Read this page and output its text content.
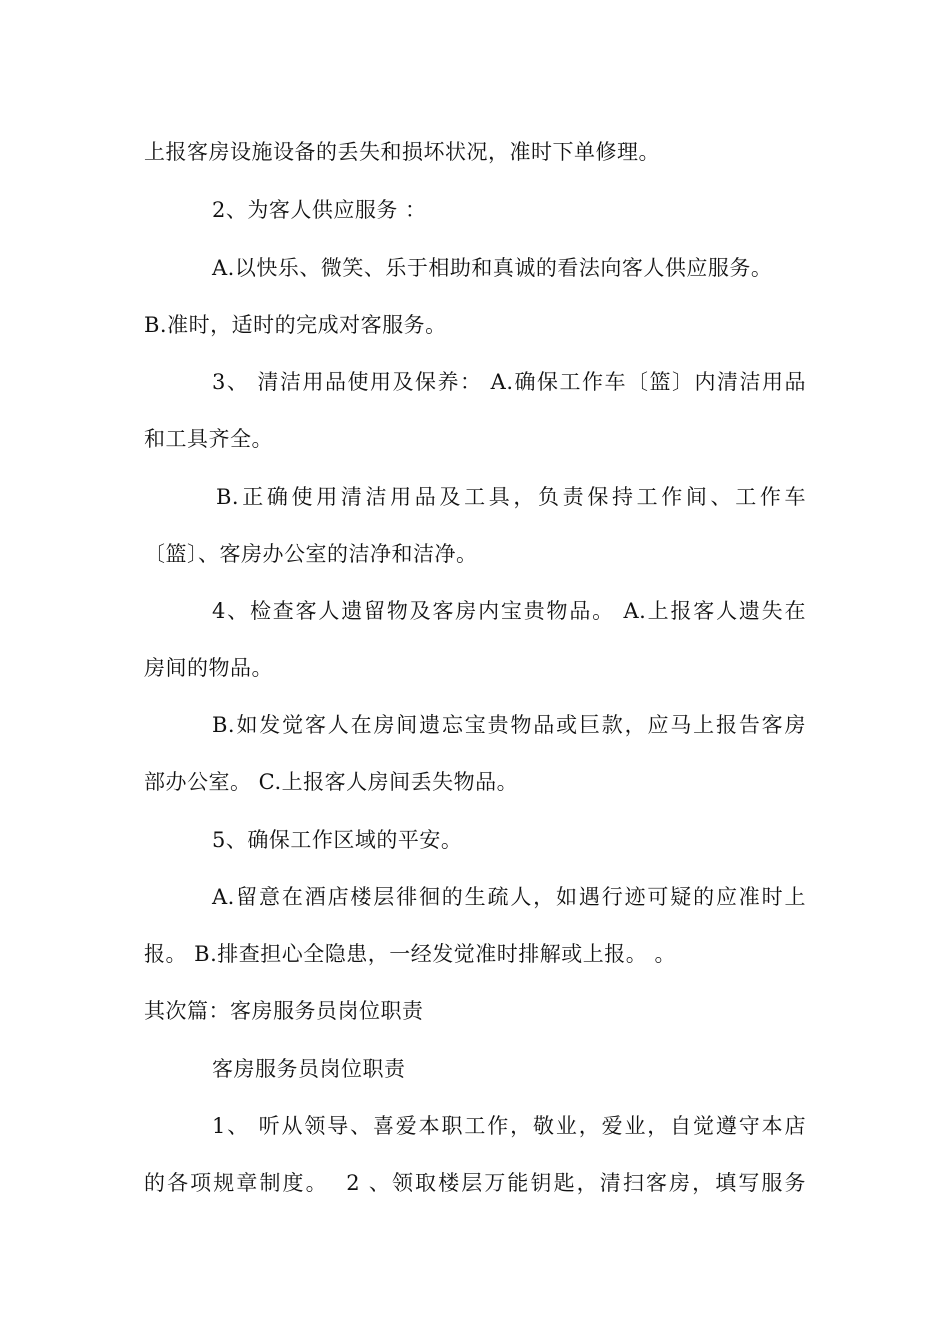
上报客房设施设备的丢失和损坏状况，准时下单修理。
2、为客人供应服务 ：
A.以快乐、微笑、乐于相助和真诚的看法向客人供应服务。
B.准时，适时的完成对客服务。
3、 清洁用品使用及保养： A.确保工作车〔篮〕内清洁用品
和工具齐全。
B.正确使用清洁用品及工具，负责保持工作间、工作车
〔篮〕、客房办公室的洁净和洁净。
4、检查客人遗留物及客房内宝贵物品。 A.上报客人遗失在
房间的物品。
B.如发觉客人在房间遗忘宝贵物品或巨款，应马上报告客房
部办公室。 C.上报客人房间丢失物品。
5、确保工作区域的平安。
A.留意在酒店楼层徘徊的生疏人，如遇行迹可疑的应准时上
报。 B.排查担心全隐患，一经发觉准时排解或上报。 。
其次篇：客房服务员岗位职责
客房服务员岗位职责
1、 听从领导、喜爱本职工作，敬业，爱业，自觉遵守本店
的各项规章制度。  2 、领取楼层万能钥匙，清扫客房，填写服务
